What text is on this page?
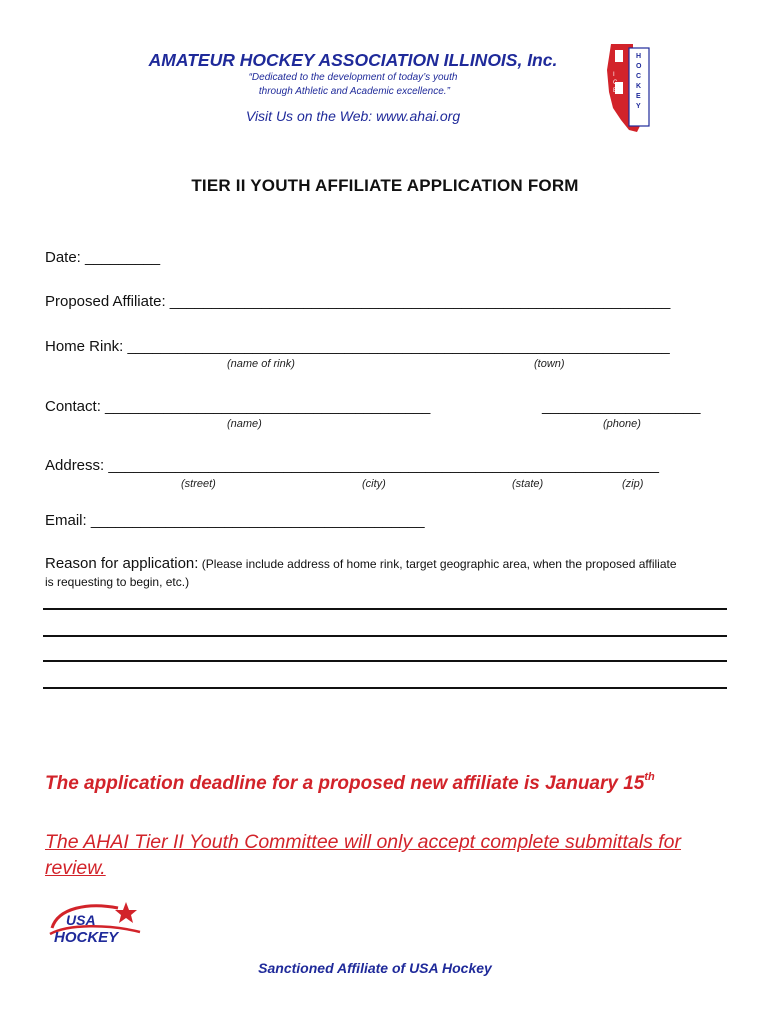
AMATEUR HOCKEY ASSOCIATION ILLINOIS, Inc.
“Dedicated to the development of today’s youth
through Athletic and Academic excellence.”
Visit Us on the Web: www.ahai.org
I
C
E
H
O
C
K
E
Y
TIER II YOUTH AFFILIATE APPLICATION FORM
Date: _________
Proposed Affiliate: ____________________________________________________________
Home Rink: _________________________________________________________________
(name of rink)	(town)
Contact: _______________________________________	___________________
(name)	(phone)
Address: __________________________________________________________________
(street)	(city)	(state)	(zip)
Email: ________________________________________
Reason for application: (Please include address of home rink, target geographic area, when the proposed affiliate
is requesting to begin, etc.)
The application deadline for a proposed new affiliate is January 15th
The AHAI Tier II Youth Committee will only accept complete submittals for review.
USA
HOCKEY
Sanctioned Affiliate of USA Hockey
